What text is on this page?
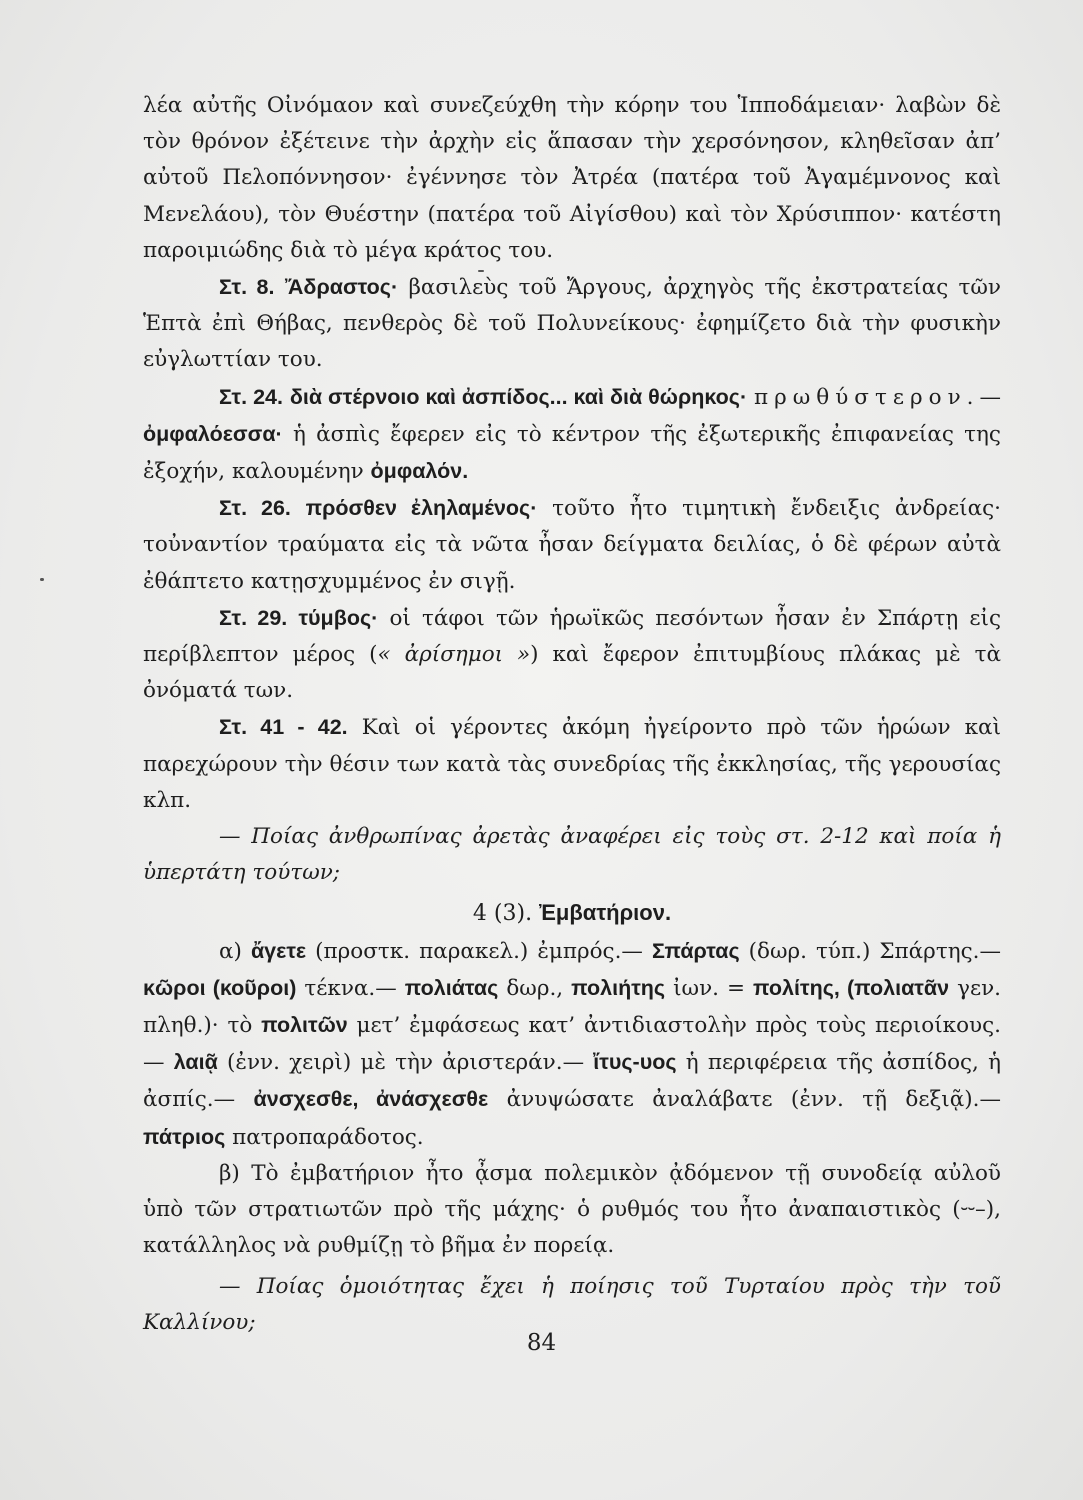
λέα αὐτῆς Οἰνόμαον καὶ συνεζεύχθη τὴν κόρην του Ἱπποδάμειαν· λαβὼν δὲ τὸν θρόνον ἐξέτεινε τὴν ἀρχὴν εἰς ἅπασαν τὴν χερσόνησον, κληθεῖσαν ἀπ’ αὐτοῦ Πελοπόννησον· ἐγέννησε τὸν Ἀτρέα (πατέρα τοῦ Ἀγαμέμνονος καὶ Μενελάου), τὸν Θυέστην (πατέρα τοῦ Αἰγίσθου) καὶ τὸν Χρύσιππον· κατέστη παροιμιώδης διὰ τὸ μέγα κράτος του.

Στ. 8. Ἄδραστος· βασιλεὺς τοῦ Ἄργους, ἀρχηγὸς τῆς ἐκστρατείας τῶν Ἑπτὰ ἐπὶ Θήβας, πενθερὸς δὲ τοῦ Πολυνείκους· ἐφημίζετο διὰ τὴν φυσικὴν εὐγλωττίαν του.

Στ. 24. διὰ στέρνοιο καὶ ἀσπίδος... καὶ διὰ θώρηκος· πρωθύστερον.—ὀμφαλόεσσα· ἡ ἀσπὶς ἔφερεν εἰς τὸ κέντρον τῆς ἐξωτερικῆς ἐπιφανείας της ἐξοχήν, καλουμένην ὀμφαλόν.

Στ. 26. πρόσθεν ἐληλαμένος· τοῦτο ἦτο τιμητικὴ ἔνδειξις ἀνδρείας· τοὐναντίον τραύματα εἰς τὰ νῶτα ἦσαν δείγματα δειλίας, ὁ δὲ φέρων αὐτὰ ἐθάπτετο κατῃσχυμμένος ἐν σιγῇ.

Στ. 29. τύμβος· οἱ τάφοι τῶν ἡρωϊκῶς πεσόντων ἦσαν ἐν Σπάρτῃ εἰς περίβλεπτον μέρος (« ἀρίσημοι ») καὶ ἔφερον ἐπιτυμβίους πλάκας μὲ τὰ ὀνόματά των.

Στ. 41 - 42. Καὶ οἱ γέροντες ἀκόμη ἠγείροντο πρὸ τῶν ἡρώων καὶ παρεχώρουν τὴν θέσιν των κατὰ τὰς συνεδρίας τῆς ἐκκλησίας, τῆς γερουσίας κλπ.

— Ποίας ἀνθρωπίνας ἀρετὰς ἀναφέρει εἰς τοὺς στ. 2-12 καὶ ποία ἡ ὑπερτάτη τούτων;

4 (3). Ἐμβατήριον.

α) ἄγετε (προστκ. παρακελ.) ἐμπρός.— Σπάρτας (δωρ. τύπ.) Σπάρτης.— κῶροι (κοῦροι) τέκνα.— πολιάτας δωρ., πολιήτης ἰων. = πολίτης, (πολιατᾶν γεν. πληθ.)· τὸ πολιτῶν μετ’ ἐμφάσεως κατ’ ἀντιδιαστολὴν πρὸς τοὺς περιοίκους.— λαιᾷ (ἐνν. χειρὶ) μὲ τὴν ἀριστεράν.— ἴτυς-υος ἡ περιφέρεια τῆς ἀσπίδος, ἡ ἀσπίς.— ἀνσχεσθε, ἀνάσχεσθε ἀνυψώσατε ἀναλάβατε (ἐνν. τῇ δεξιᾷ).— πάτριος πατροπαράδοτος.

β) Τὸ ἐμβατήριον ἦτο ᾆσμα πολεμικὸν ᾀδόμενον τῇ συνοδείᾳ αὐλοῦ ὑπὸ τῶν στρατιωτῶν πρὸ τῆς μάχης· ὁ ρυθμός του ἦτο ἀναπαιστικὸς (⏑⏑–), κατάλληλος νὰ ρυθμίζῃ τὸ βῆμα ἐν πορείᾳ.

— Ποίας ὁμοιότητας ἔχει ἡ ποίησις τοῦ Τυρταίου πρὸς τὴν τοῦ Καλλίνου;

84
